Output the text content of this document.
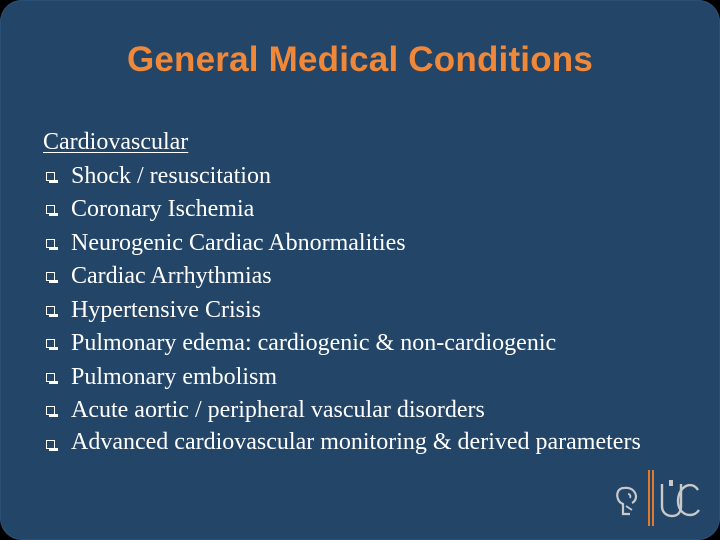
General Medical Conditions
Cardiovascular
Shock / resuscitation
Coronary Ischemia
Neurogenic Cardiac Abnormalities
Cardiac Arrhythmias
Hypertensive Crisis
Pulmonary edema: cardiogenic & non-cardiogenic
Pulmonary embolism
Acute aortic / peripheral vascular disorders
Advanced cardiovascular monitoring & derived parameters
